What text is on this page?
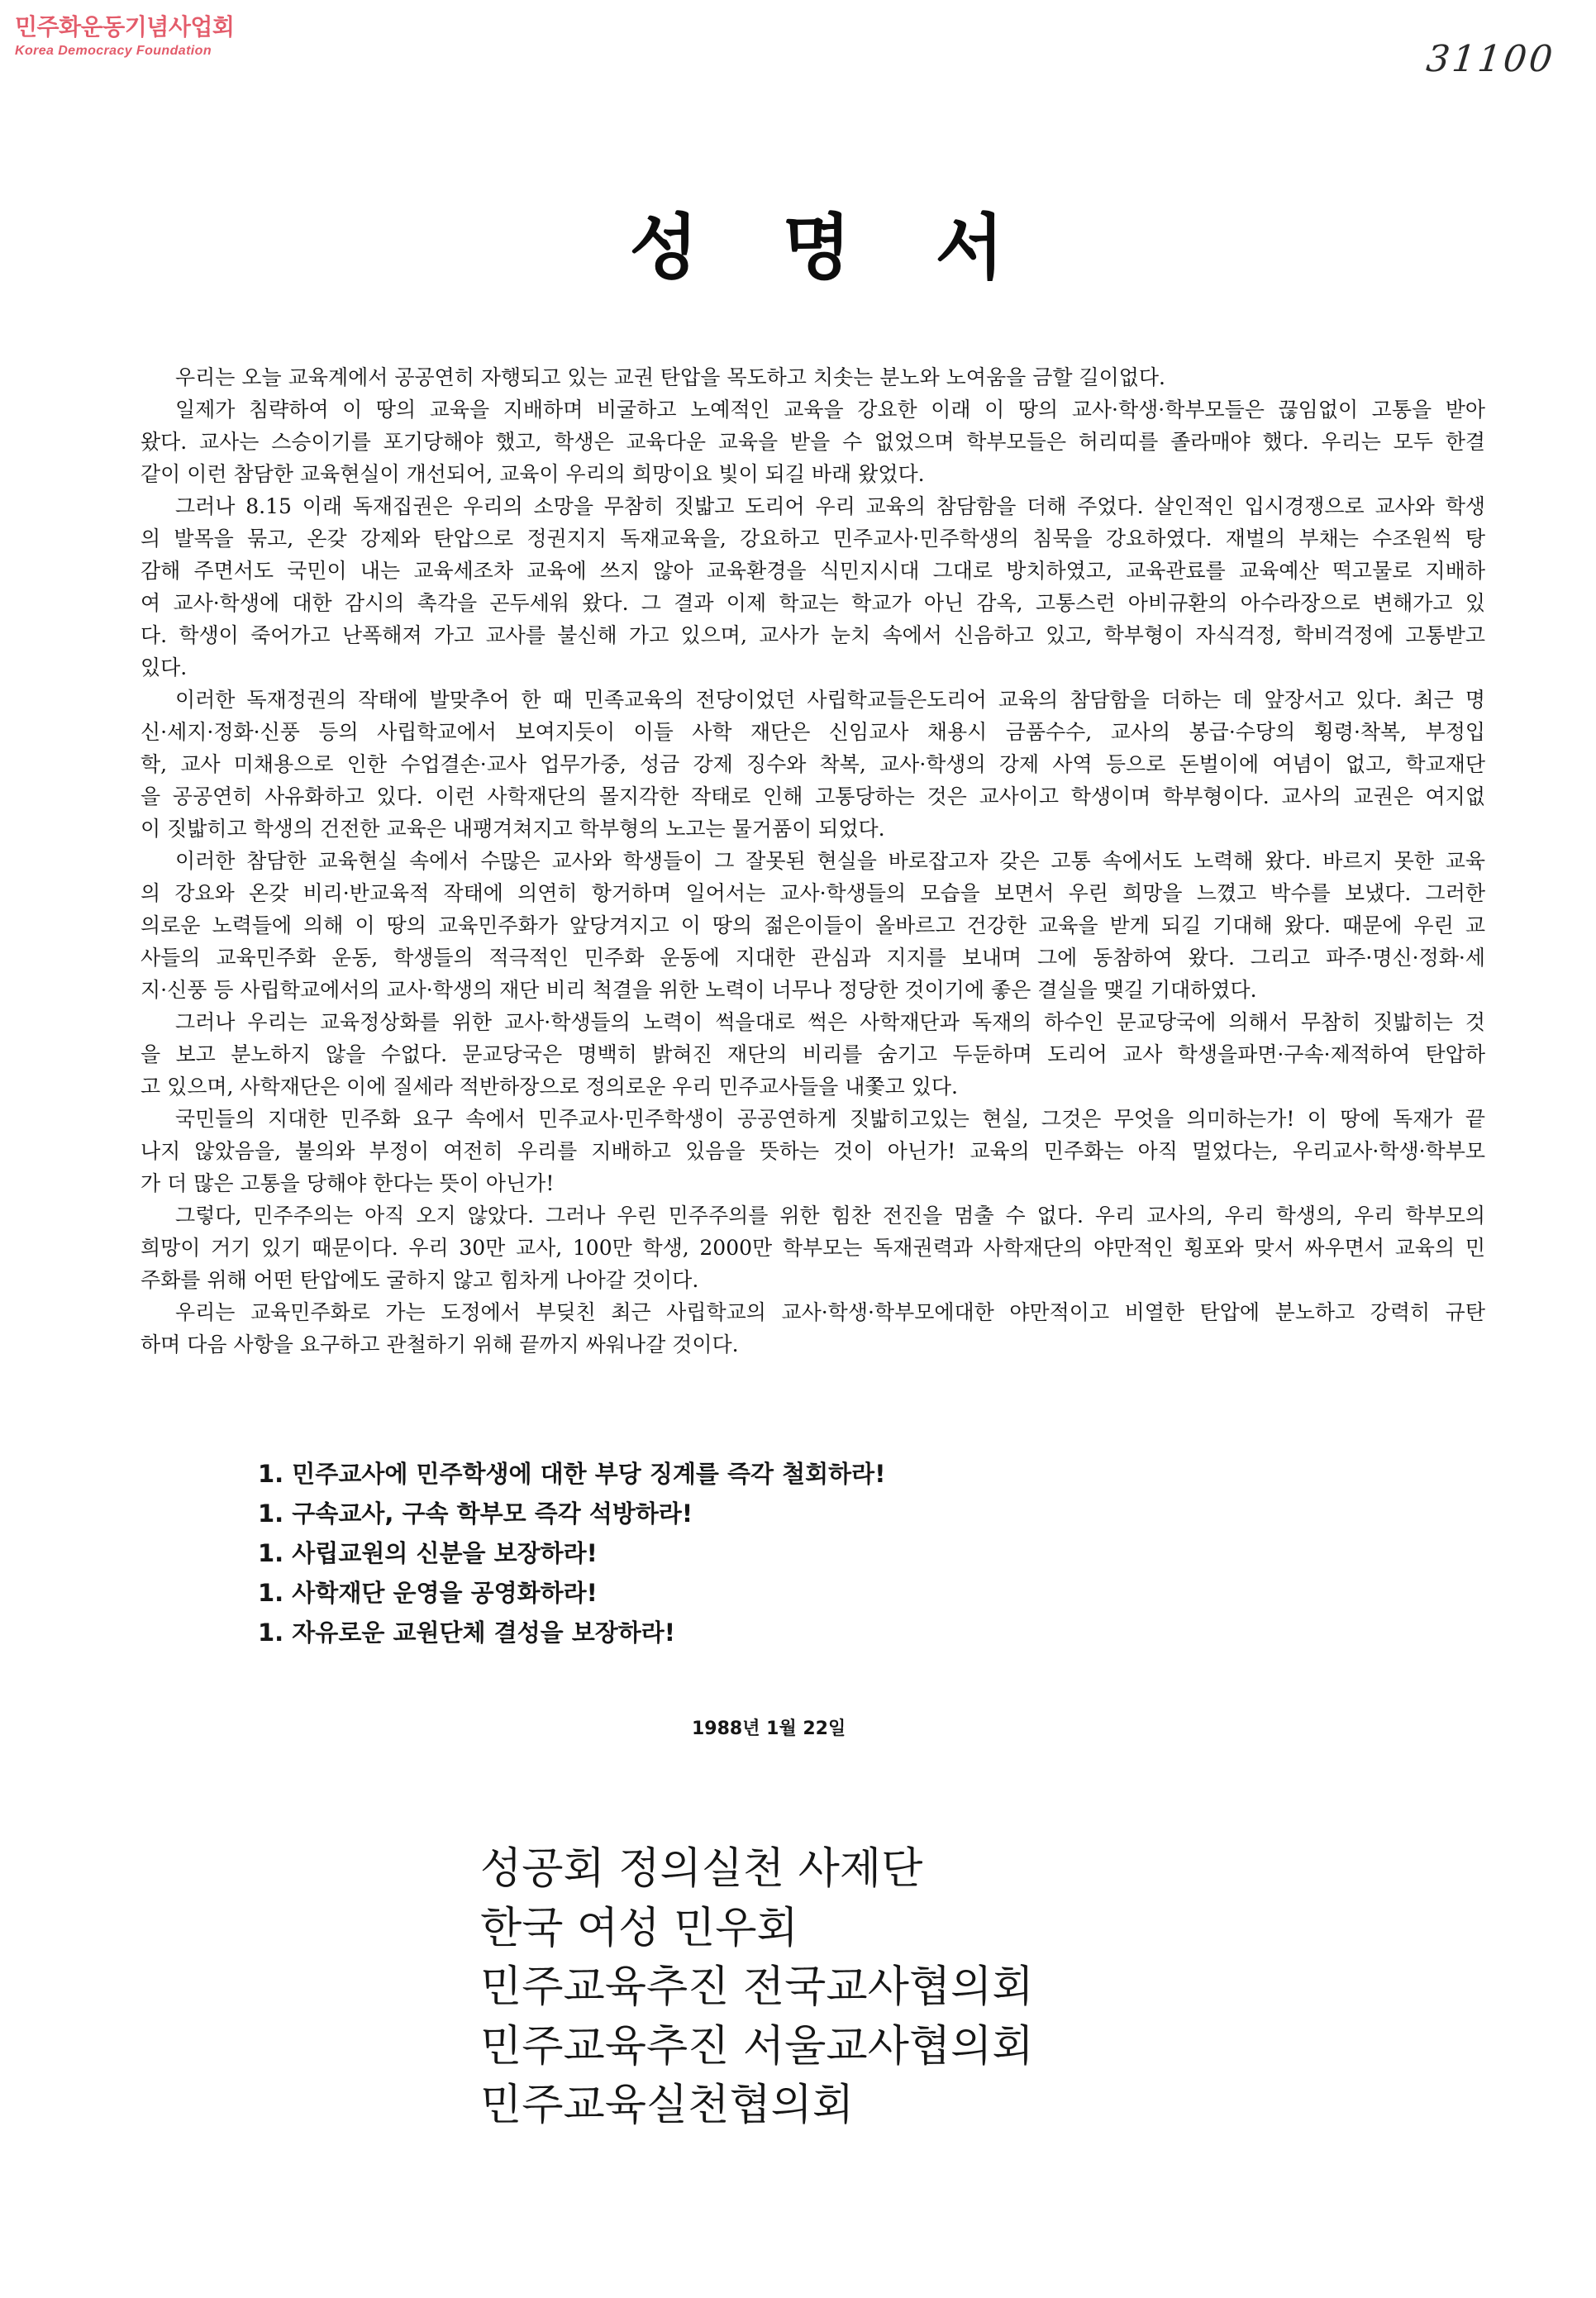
민주화운동기념사업회
Korea Democracy Foundation	31100
성 명 서
우리는 오늘 교육계에서 공공연히 자행되고 있는 교권 탄압을 목도하고 치솟는 분노와 노여움을 금할 길이없다.
일제가 침략하여 이 땅의 교육을 지배하며 비굴하고 노예적인 교육을 강요한 이래 이 땅의 교사·학생·학부모들은 끊임없이 고통을 받아
왔다. 교사는 스승이기를 포기당해야 했고, 학생은 교육다운 교육을 받을 수 없었으며 학부모들은 허리띠를 졸라매야 했다. 우리는 모두 한결
같이 이런 참담한 교육현실이 개선되어, 교육이 우리의 희망이요 빛이 되길 바래 왔었다.
그러나 8.15 이래 독재집권은 우리의 소망을 무참히 짓밟고 도리어 우리 교육의 참담함을 더해 주었다. 살인적인 입시경쟁으로 교사와 학생
의 발목을 묶고, 온갖 강제와 탄압으로 정권지지 독재교육을, 강요하고 민주교사·민주학생의 침묵을 강요하였다. 재벌의 부채는 수조원씩 탕
감해 주면서도 국민이 내는 교육세조차 교육에 쓰지 않아 교육환경을 식민지시대 그대로 방치하였고, 교육관료를 교육예산 떡고물로 지배하
여 교사·학생에 대한 감시의 촉각을 곤두세워 왔다. 그 결과 이제 학교는 학교가 아닌 감옥, 고통스런 아비규환의 아수라장으로 변해가고 있
다. 학생이 죽어가고 난폭해져 가고 교사를 불신해 가고 있으며, 교사가 눈치 속에서 신음하고 있고, 학부형이 자식걱정, 학비걱정에 고통받고
있다.
이러한 독재정권의 작태에 발맞추어 한 때 민족교육의 전당이었던 사립학교들은도리어 교육의 참담함을 더하는 데 앞장서고 있다. 최근 명
신·세지·정화·신풍 등의 사립학교에서 보여지듯이 이들 사학 재단은 신임교사 채용시 금품수수, 교사의 봉급·수당의 횡령·착복, 부정입
학, 교사 미채용으로 인한 수업결손·교사 업무가중, 성금 강제 징수와 착복, 교사·학생의 강제 사역 등으로 돈벌이에 여념이 없고, 학교재단
을 공공연히 사유화하고 있다. 이런 사학재단의 몰지각한 작태로 인해 고통당하는 것은 교사이고 학생이며 학부형이다. 교사의 교권은 여지없
이 짓밟히고 학생의 건전한 교육은 내팽겨쳐지고 학부형의 노고는 물거품이 되었다.
이러한 참담한 교육현실 속에서 수많은 교사와 학생들이 그 잘못된 현실을 바로잡고자 갖은 고통 속에서도 노력해 왔다. 바르지 못한 교육
의 강요와 온갖 비리·반교육적 작태에 의연히 항거하며 일어서는 교사·학생들의 모습을 보면서 우린 희망을 느꼈고 박수를 보냈다. 그러한
의로운 노력들에 의해 이 땅의 교육민주화가 앞당겨지고 이 땅의 젊은이들이 올바르고 건강한 교육을 받게 되길 기대해 왔다. 때문에 우린 교
사들의 교육민주화 운동, 학생들의 적극적인 민주화 운동에 지대한 관심과 지지를 보내며 그에 동참하여 왔다. 그리고 파주·명신·정화·세
지·신풍 등 사립학교에서의 교사·학생의 재단 비리 척결을 위한 노력이 너무나 정당한 것이기에 좋은 결실을 맺길 기대하였다.
그러나 우리는 교육정상화를 위한 교사·학생들의 노력이 썩을대로 썩은 사학재단과 독재의 하수인 문교당국에 의해서 무참히 짓밟히는 것
을 보고 분노하지 않을 수없다. 문교당국은 명백히 밝혀진 재단의 비리를 숨기고 두둔하며 도리어 교사 학생을파면·구속·제적하여 탄압하
고 있으며, 사학재단은 이에 질세라 적반하장으로 정의로운 우리 민주교사들을 내쫓고 있다.
국민들의 지대한 민주화 요구 속에서 민주교사·민주학생이 공공연하게 짓밟히고있는 현실, 그것은 무엇을 의미하는가! 이 땅에 독재가 끝
나지 않았음을, 불의와 부정이 여전히 우리를 지배하고 있음을 뜻하는 것이 아닌가! 교육의 민주화는 아직 멀었다는, 우리교사·학생·학부모
가 더 많은 고통을 당해야 한다는 뜻이 아닌가!
그렇다, 민주주의는 아직 오지 않았다. 그러나 우린 민주주의를 위한 힘찬 전진을 멈출 수 없다. 우리 교사의, 우리 학생의, 우리 학부모의
희망이 거기 있기 때문이다. 우리 30만 교사, 100만 학생, 2000만 학부모는 독재권력과 사학재단의 야만적인 횡포와 맞서 싸우면서 교육의 민
주화를 위해 어떤 탄압에도 굴하지 않고 힘차게 나아갈 것이다.
우리는 교육민주화로 가는 도정에서 부딪친 최근 사립학교의 교사·학생·학부모에대한 야만적이고 비열한 탄압에 분노하고 강력히 규탄
하며 다음 사항을 요구하고 관철하기 위해 끝까지 싸워나갈 것이다.
1. 민주교사에 민주학생에 대한 부당 징계를 즉각 철회하라!
1. 구속교사, 구속 학부모 즉각 석방하라!
1. 사립교원의 신분을 보장하라!
1. 사학재단 운영을 공영화하라!
1. 자유로운 교원단체 결성을 보장하라!
1988년 1월 22일
성공회 정의실천 사제단
한국 여성 민우회
민주교육추진 전국교사협의회
민주교육추진 서울교사협의회
민주교육실천협의회
